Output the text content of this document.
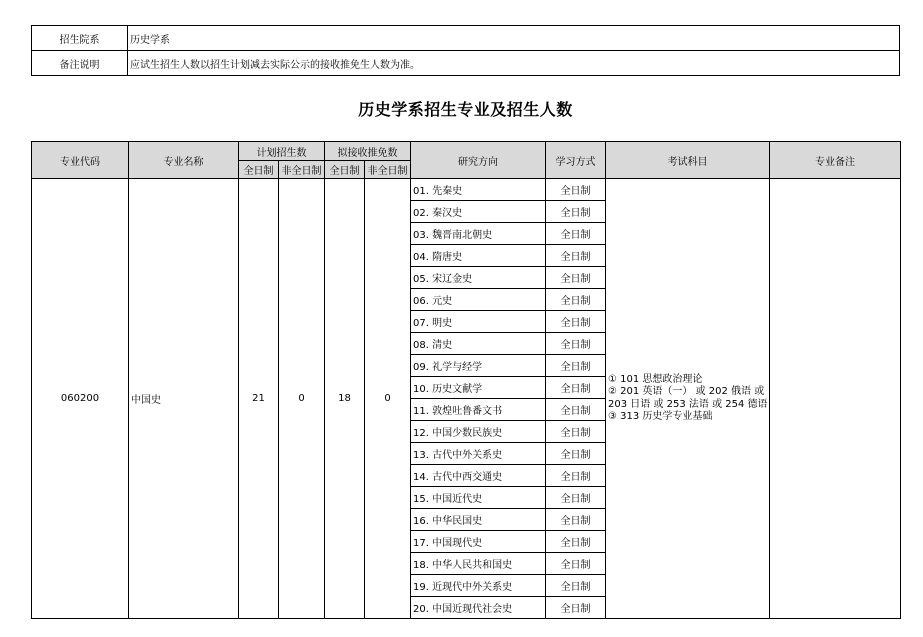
招生院系	历史学系
备注说明	应试生招生人数以招生计划减去实际公示的接收推免生人数为准。
历史学系招生专业及招生人数
专业代码	专业名称	计划招生数		拟接收推免数		研究方向	学习方式	考试科目	专业备注
		全日制	非全日制	全日制	非全日制				
060200	中国史	21	0	18	0	01. 先秦史	全日制	① 101 思想政治理论
② 201 英语（一） 或 202 俄语 或 203 日语 或 253 法语 或 254 德语
③ 313 历史学专业基础	

						02. 秦汉史	全日制		
						03. 魏晋南北朝史	全日制		
						04. 隋唐史	全日制		
						05. 宋辽金史	全日制		
						06. 元史	全日制		
						07. 明史	全日制		
						08. 清史	全日制		
						09. 礼学与经学	全日制		
						10. 历史文献学	全日制		
						11. 敦煌吐鲁番文书	全日制		
						12. 中国少数民族史	全日制		
						13. 古代中外关系史	全日制		
						14. 古代中西交通史	全日制		
						15. 中国近代史	全日制		
						16. 中华民国史	全日制		
						17. 中国现代史	全日制		
						18. 中华人民共和国史	全日制		
						19. 近现代中外关系史	全日制		
						20. 中国近现代社会史	全日制		
